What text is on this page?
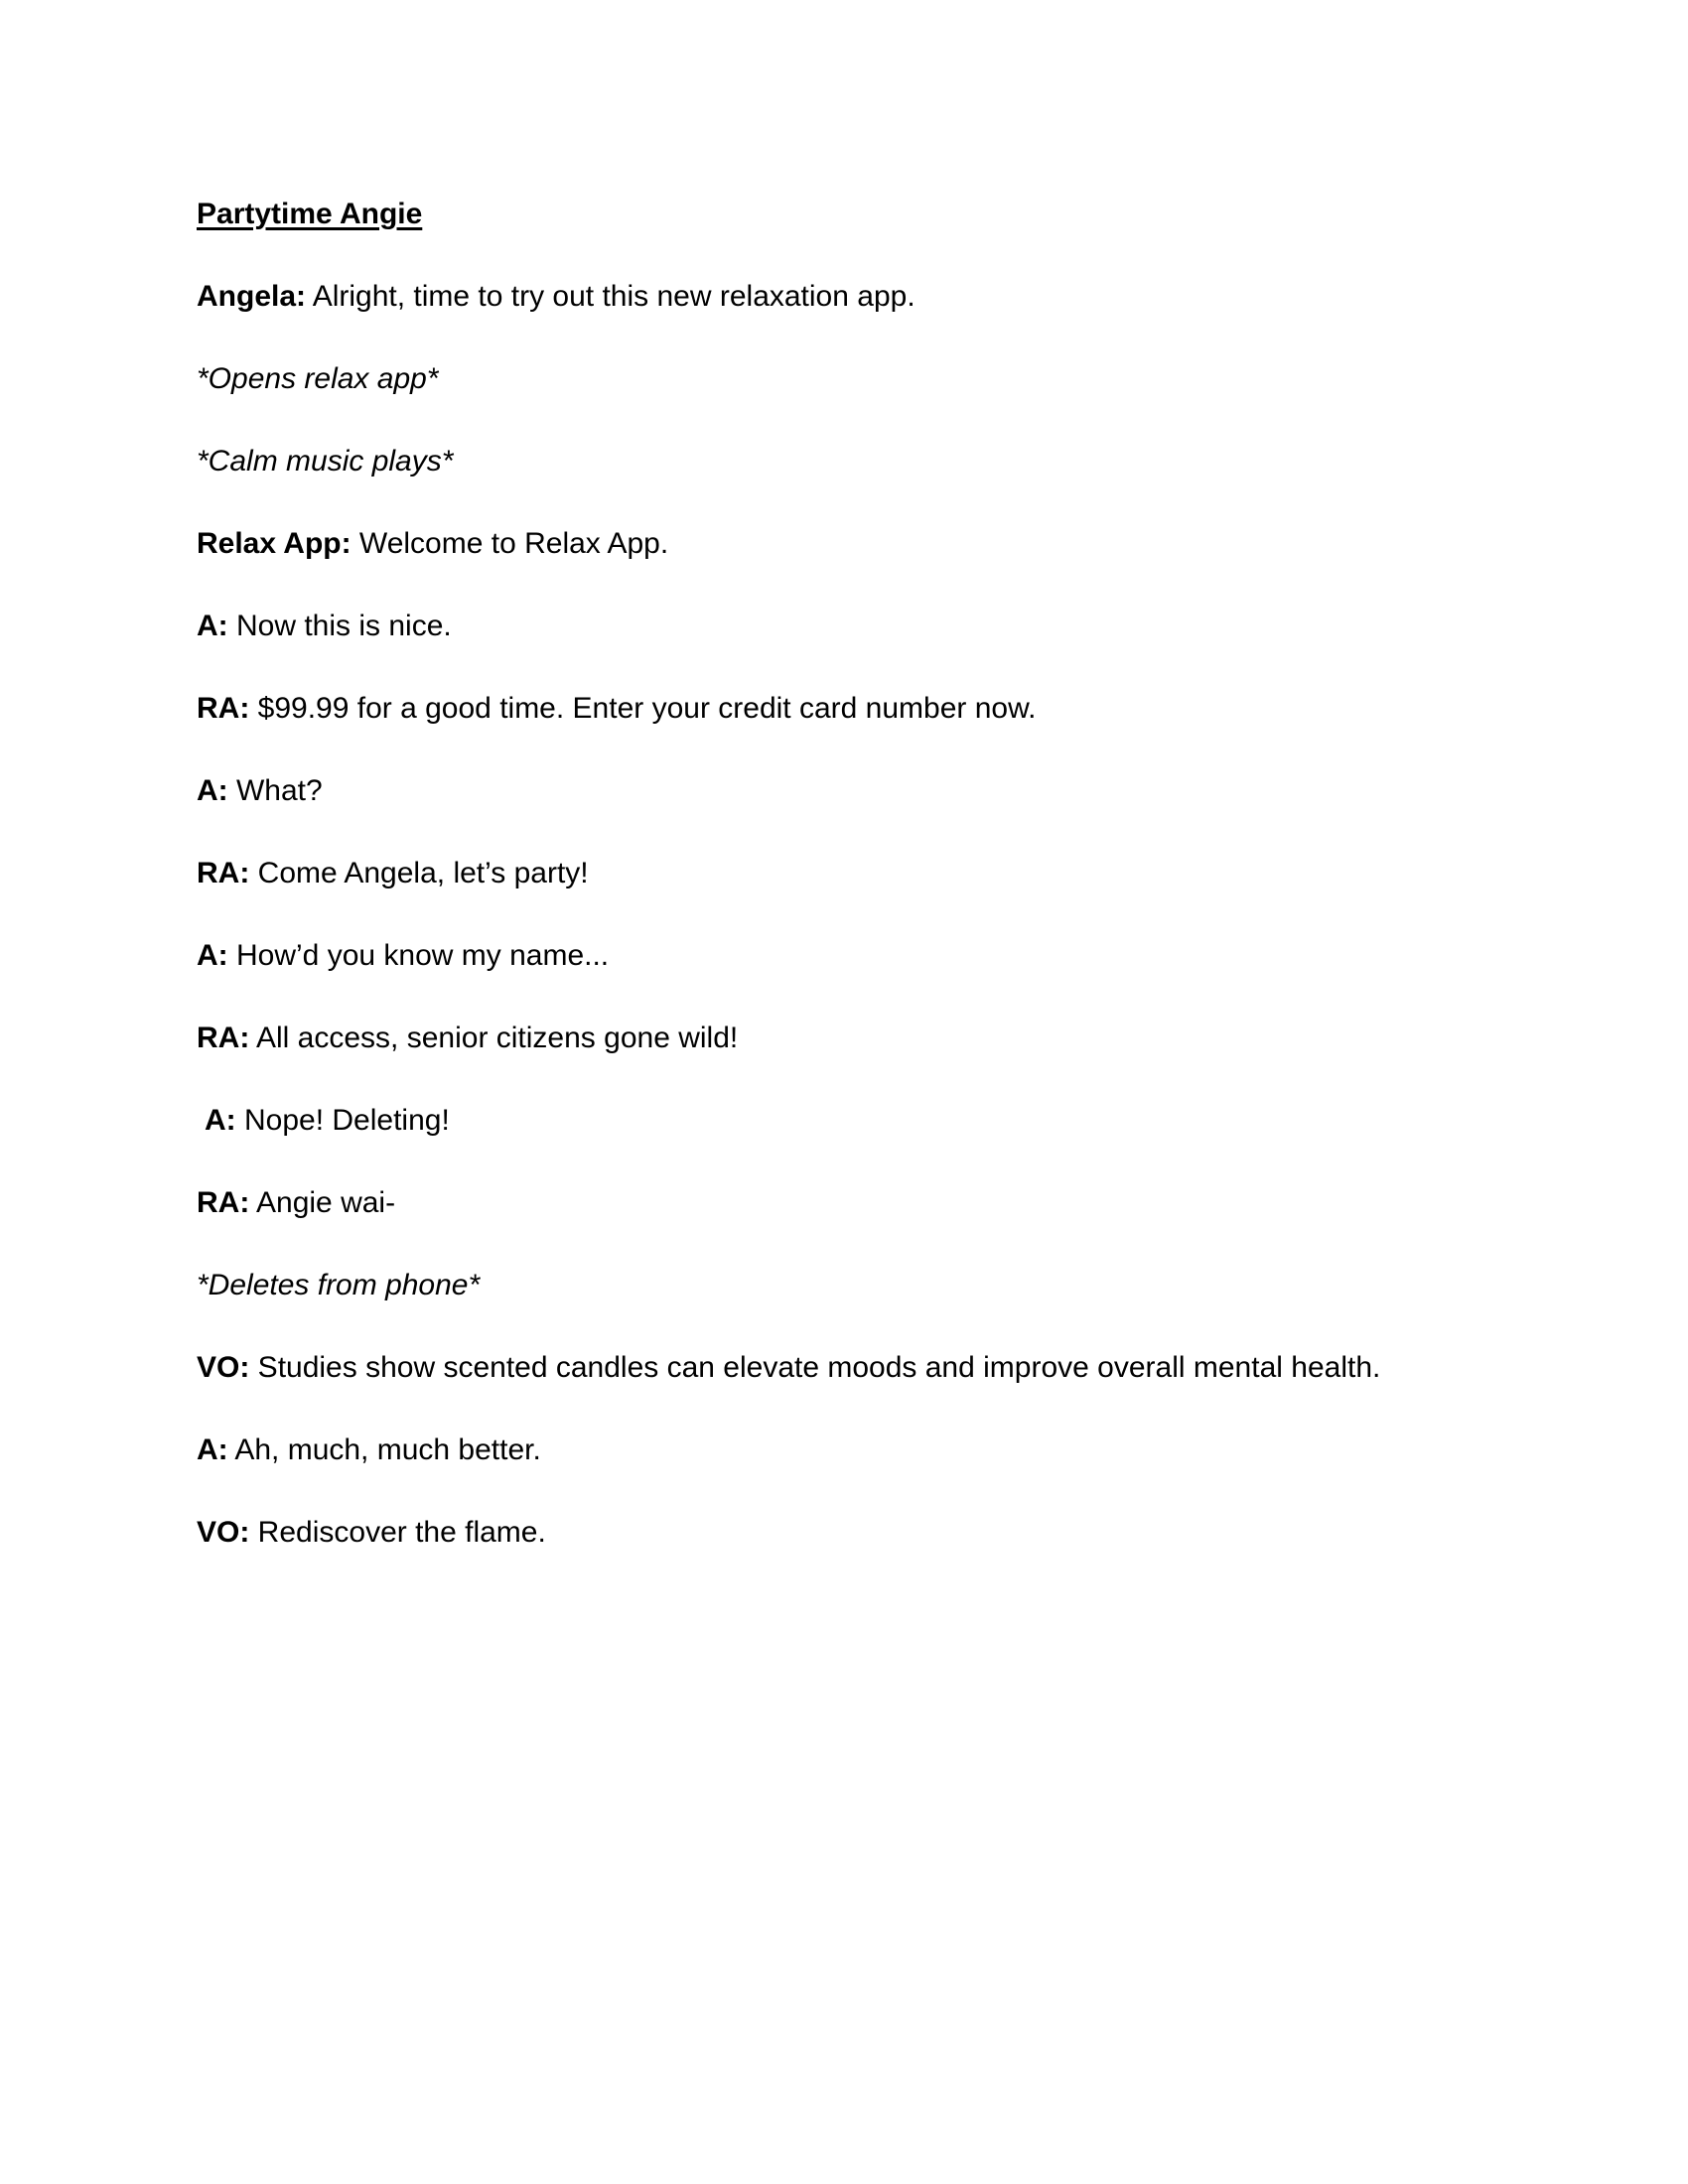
Partytime Angie

Angela: Alright, time to try out this new relaxation app.

*Opens relax app*

*Calm music plays*

Relax App: Welcome to Relax App.

A: Now this is nice.

RA: $99.99 for a good time. Enter your credit card number now.

A: What?

RA: Come Angela, let’s party!

A: How’d you know my name...

RA: All access, senior citizens gone wild!

A: Nope! Deleting!

RA: Angie wai-

*Deletes from phone*

VO: Studies show scented candles can elevate moods and improve overall mental health.

A: Ah, much, much better.

VO: Rediscover the flame.
